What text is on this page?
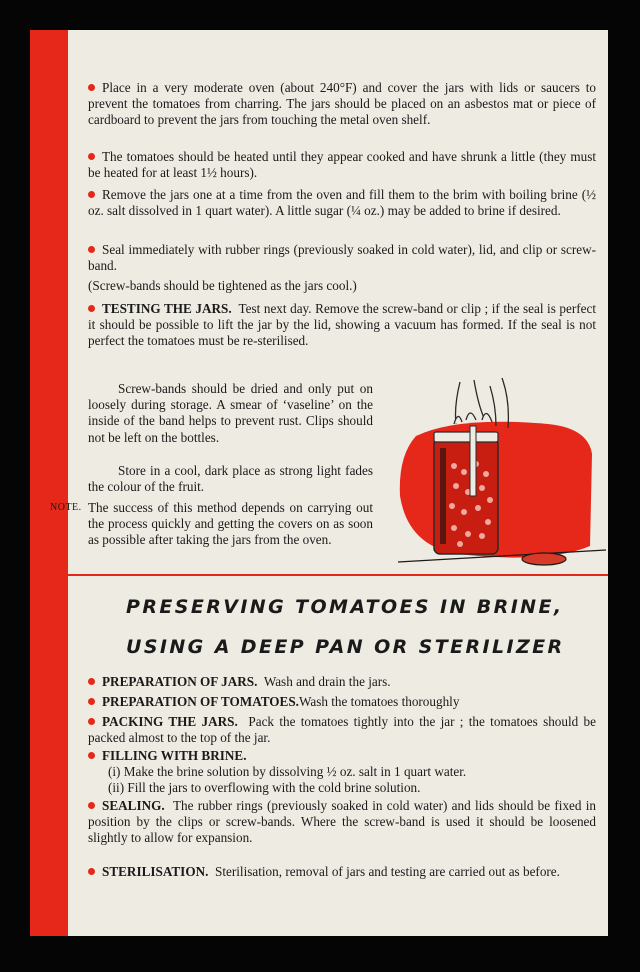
Place in a very moderate oven (about 240°F) and cover the jars with lids or saucers to prevent the tomatoes from charring. The jars should be placed on an asbestos mat or piece of cardboard to prevent the jars from touching the metal oven shelf.
The tomatoes should be heated until they appear cooked and have shrunk a little (they must be heated for at least 1½ hours).
Remove the jars one at a time from the oven and fill them to the brim with boiling brine (½ oz. salt dissolved in 1 quart water). A little sugar (¼ oz.) may be added to brine if desired.
Seal immediately with rubber rings (previously soaked in cold water), lid, and clip or screw-band.
(Screw-bands should be tightened as the jars cool.)
TESTING THE JARS. Test next day. Remove the screw-band or clip ; if the seal is perfect it should be possible to lift the jar by the lid, showing a vacuum has formed. If the seal is not perfect the tomatoes must be re-sterilised.
Screw-bands should be dried and only put on loosely during storage. A smear of ‘vaseline’ on the inside of the band helps to prevent rust. Clips should not be left on the bottles.
Store in a cool, dark place as strong light fades the colour of the fruit.
NOTE. The success of this method depends on carrying out the process quickly and getting the covers on as soon as possible after taking the jars from the oven.
PRESERVING TOMATOES IN BRINE,
USING A DEEP PAN OR STERILIZER
PREPARATION OF JARS. Wash and drain the jars.
PREPARATION OF TOMATOES.Wash the tomatoes thoroughly
PACKING THE JARS. Pack the tomatoes tightly into the jar ; the tomatoes should be packed almost to the top of the jar.
FILLING WITH BRINE.
(i) Make the brine solution by dissolving ½ oz. salt in 1 quart water.
(ii) Fill the jars to overflowing with the cold brine solution.
SEALING. The rubber rings (previously soaked in cold water) and lids should be fixed in position by the clips or screw-bands. Where the screw-band is used it should be loosened slightly to allow for expansion.
STERILISATION. Sterilisation, removal of jars and testing are carried out as before.
